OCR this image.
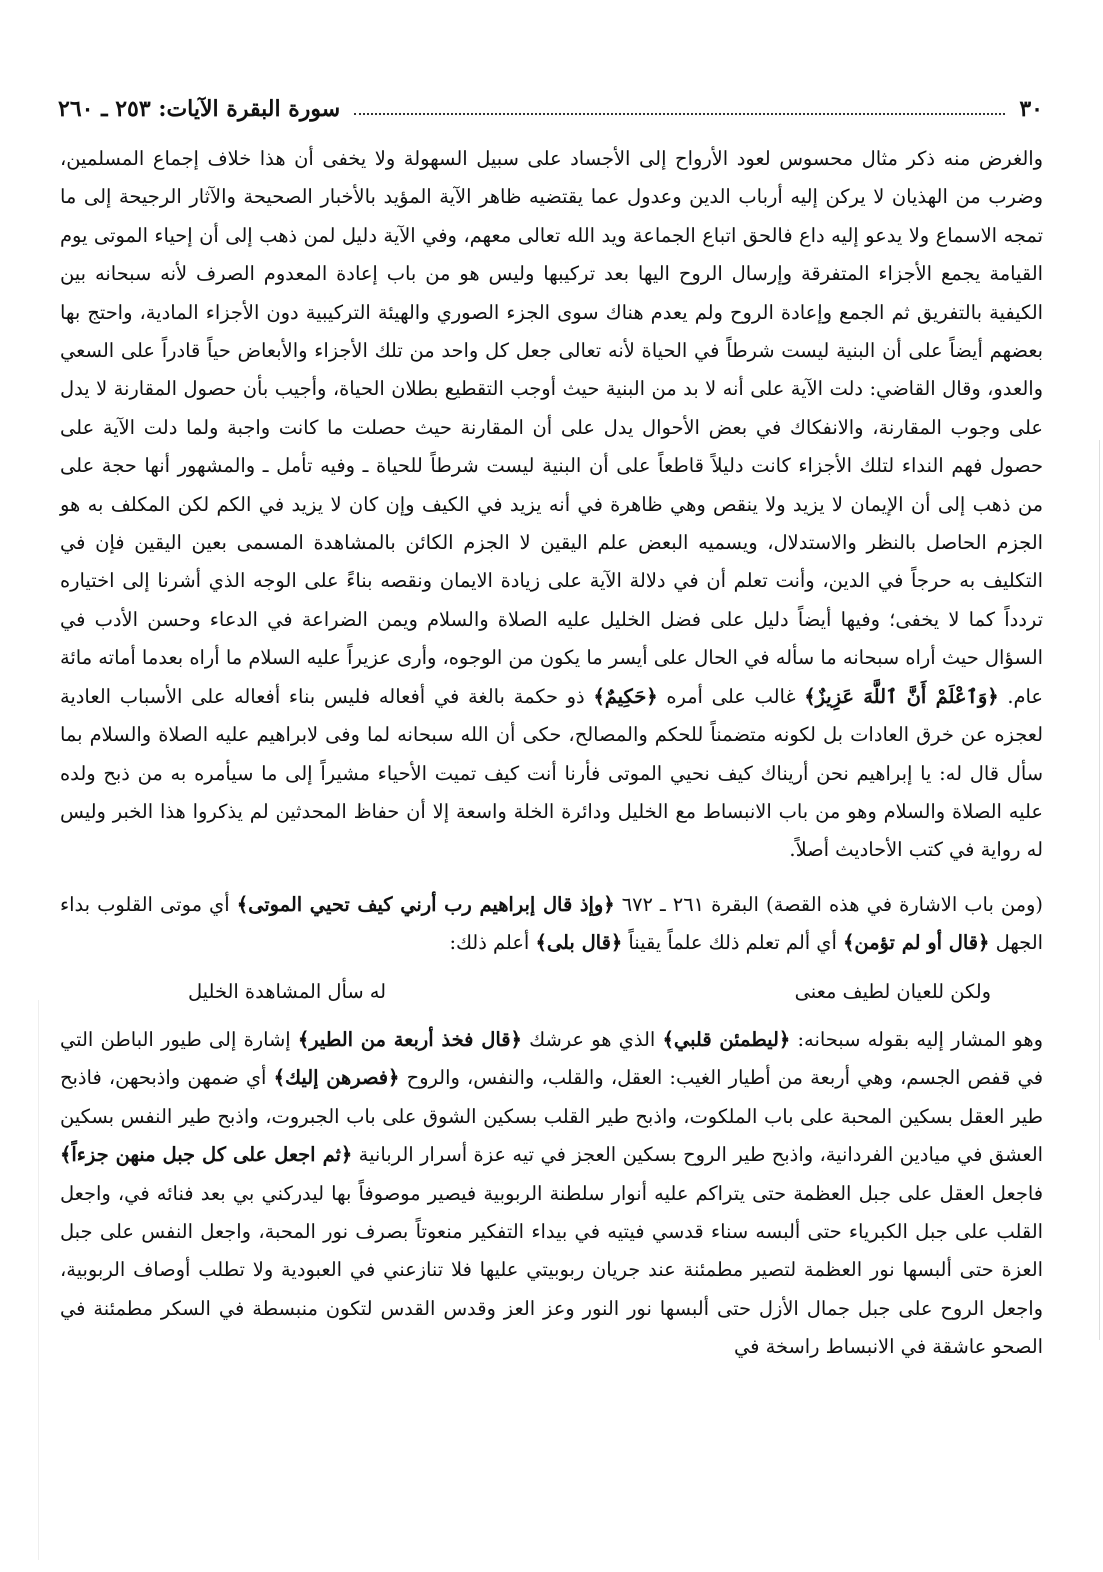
٣٠
سورة البقرة الآيات: ٢٥٣ ـ ٢٦٠

والغرض منه ذكر مثال محسوس لعود الأرواح إلى الأجساد على سبيل السهولة ولا يخفى أن هذا خلاف إجماع المسلمين، وضرب من الهذيان لا يركن إليه أرباب الدين وعدول عما يقتضيه ظاهر الآية المؤيد بالأخبار الصحيحة والآثار الرجيحة إلى ما تمجه الاسماع ولا يدعو إليه داع فالحق اتباع الجماعة ويد الله تعالى معهم، وفي الآية دليل لمن ذهب إلى أن إحياء الموتى يوم القيامة يجمع الأجزاء المتفرقة وإرسال الروح اليها بعد تركيبها وليس هو من باب إعادة المعدوم الصرف لأنه سبحانه بين الكيفية بالتفريق ثم الجمع وإعادة الروح ولم يعدم هناك سوى الجزء الصوري والهيئة التركيبية دون الأجزاء المادية، واحتج بها بعضهم أيضاً على أن البنية ليست شرطاً في الحياة لأنه تعالى جعل كل واحد من تلك الأجزاء والأبعاض حياً قادراً على السعي والعدو، وقال القاضي: دلت الآية على أنه لا بد من البنية حيث أوجب التقطيع بطلان الحياة، وأجيب بأن حصول المقارنة لا يدل على وجوب المقارنة، والانفكاك في بعض الأحوال يدل على أن المقارنة حيث حصلت ما كانت واجبة ولما دلت الآية على حصول فهم النداء لتلك الأجزاء كانت دليلاً قاطعاً على أن البنية ليست شرطاً للحياة ـ وفيه تأمل ـ والمشهور أنها حجة على من ذهب إلى أن الإيمان لا يزيد ولا ينقص وهي ظاهرة في أنه يزيد في الكيف وإن كان لا يزيد في الكم لكن المكلف به هو الجزم الحاصل بالنظر والاستدلال، ويسميه البعض علم اليقين لا الجزم الكائن بالمشاهدة المسمى بعين اليقين فإن في التكليف به حرجاً في الدين، وأنت تعلم أن في دلالة الآية على زيادة الايمان ونقصه بناءً على الوجه الذي أشرنا إلى اختياره تردداً كما لا يخفى؛ وفيها أيضاً دليل على فضل الخليل عليه الصلاة والسلام ويمن الضراعة في الدعاء وحسن الأدب في السؤال حيث أراه سبحانه ما سأله في الحال على أيسر ما يكون من الوجوه، وأرى عزيراً عليه السلام ما أراه بعدما أماته مائة عام. ﴿وَٱعْلَمْ أَنَّ ٱللَّهَ عَزِيزٌ﴾ غالب على أمره ﴿حَكِيمٌ﴾ ذو حكمة بالغة في أفعاله فليس بناء أفعاله على الأسباب العادية لعجزه عن خرق العادات بل لكونه متضمناً للحكم والمصالح، حكى أن الله سبحانه لما وفى لابراهيم عليه الصلاة والسلام بما سأل قال له: يا إبراهيم نحن أريناك كيف نحيي الموتى فأرنا أنت كيف تميت الأحياء مشيراً إلى ما سيأمره به من ذبح ولده عليه الصلاة والسلام وهو من باب الانبساط مع الخليل ودائرة الخلة واسعة إلا أن حفاظ المحدثين لم يذكروا هذا الخبر وليس له رواية في كتب الأحاديث أصلاً.

(ومن باب الاشارة في هذه القصة) البقرة ٢٦١ ـ ٦٧٢ ﴿وإذ قال إبراهيم رب أرني كيف تحيي الموتى﴾ أي موتى القلوب بداء الجهل ﴿قال أو لم تؤمن﴾ أي ألم تعلم ذلك علماً يقيناً ﴿قال بلى﴾ أعلم ذلك:

ولكن للعيان لطيف معنى
له سأل المشاهدة الخليل

وهو المشار إليه بقوله سبحانه: ﴿ليطمئن قلبي﴾ الذي هو عرشك ﴿قال فخذ أربعة من الطير﴾ إشارة إلى طيور الباطن التي في قفص الجسم، وهي أربعة من أطيار الغيب: العقل، والقلب، والنفس، والروح ﴿فصرهن إليك﴾ أي ضمهن واذبحهن، فاذبح طير العقل بسكين المحبة على باب الملكوت، واذبح طير القلب بسكين الشوق على باب الجبروت، واذبح طير النفس بسكين العشق في ميادين الفردانية، واذبح طير الروح بسكين العجز في تيه عزة أسرار الربانية ﴿ثم اجعل على كل جبل منهن جزءاً﴾ فاجعل العقل على جبل العظمة حتى يتراكم عليه أنوار سلطنة الربوبية فيصير موصوفاً بها ليدركني بي بعد فنائه في، واجعل القلب على جبل الكبرياء حتى ألبسه سناء قدسي فيتيه في بيداء التفكير منعوتاً بصرف نور المحبة، واجعل النفس على جبل العزة حتى ألبسها نور العظمة لتصير مطمئنة عند جريان ربوبيتي عليها فلا تنازعني في العبودية ولا تطلب أوصاف الربوبية، واجعل الروح على جبل جمال الأزل حتى ألبسها نور النور وعز العز وقدس القدس لتكون منبسطة في السكر مطمئنة في الصحو عاشقة في الانبساط راسخة في
